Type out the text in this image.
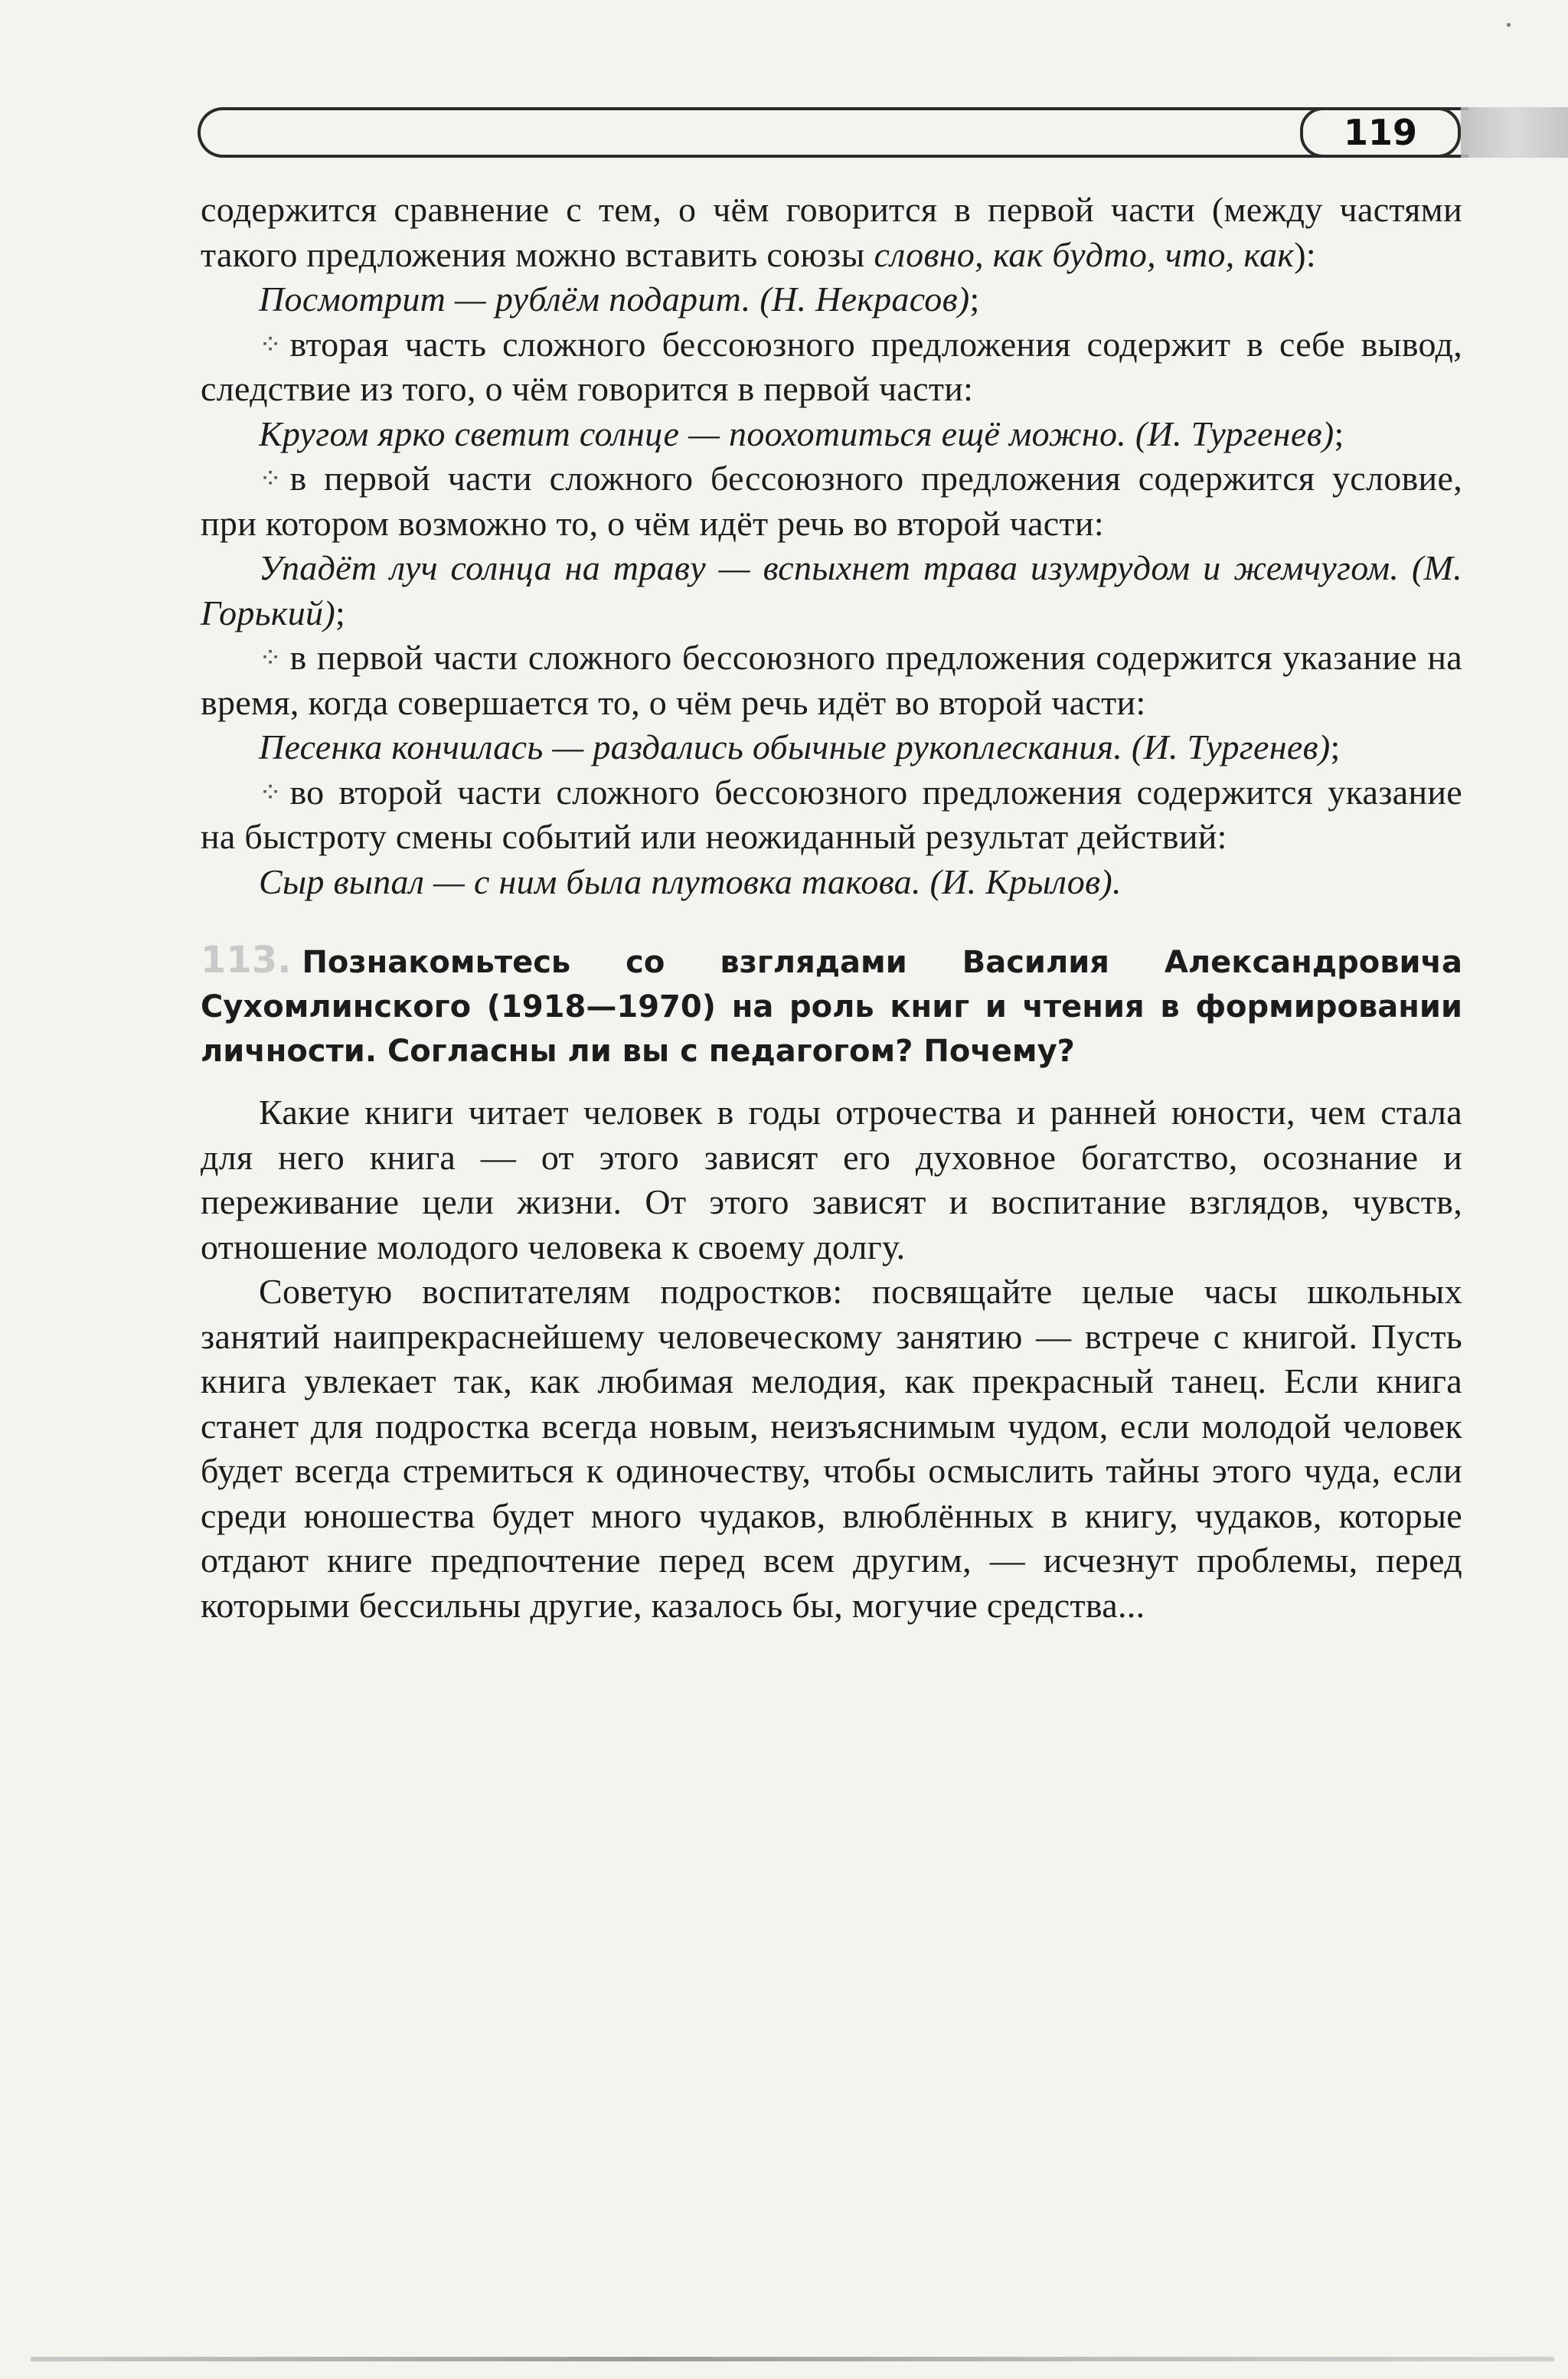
119

содержится сравнение с тем, о чём говорится в первой части (между частями такого предложения можно вставить союзы словно, как будто, что, как):

Посмотрит — рублём подарит. (Н. Некрасов);

⁘ вторая часть сложного бессоюзного предложения содержит в себе вывод, следствие из того, о чём говорится в первой части:

Кругом ярко светит солнце — поохотиться ещё можно. (И. Тургенев);

⁘ в первой части сложного бессоюзного предложения содержится условие, при котором возможно то, о чём идёт речь во второй части:

Упадёт луч солнца на траву — вспыхнет трава изумрудом и жемчугом. (М. Горький);

⁘ в первой части сложного бессоюзного предложения содержится указание на время, когда совершается то, о чём речь идёт во второй части:

Песенка кончилась — раздались обычные рукоплескания. (И. Тургенев);

⁘ во второй части сложного бессоюзного предложения содержится указание на быстроту смены событий или неожиданный результат действий:

Сыр выпал — с ним была плутовка такова. (И. Крылов).

113. Познакомьтесь со взглядами Василия Александровича Сухомлинского (1918—1970) на роль книг и чтения в формировании личности. Согласны ли вы с педагогом? Почему?

Какие книги читает человек в годы отрочества и ранней юности, чем стала для него книга — от этого зависят его духовное богатство, осознание и переживание цели жизни. От этого зависят и воспитание взглядов, чувств, отношение молодого человека к своему долгу.

Советую воспитателям подростков: посвящайте целые часы школьных занятий наипрекраснейшему человеческому занятию — встрече с книгой. Пусть книга увлекает так, как любимая мелодия, как прекрасный танец. Если книга станет для подростка всегда новым, неизъяснимым чудом, если молодой человек будет всегда стремиться к одиночеству, чтобы осмыслить тайны этого чуда, если среди юношества будет много чудаков, влюблённых в книгу, чудаков, которые отдают книге предпочтение перед всем другим, — исчезнут проблемы, перед которыми бессильны другие, казалось бы, могучие средства...
